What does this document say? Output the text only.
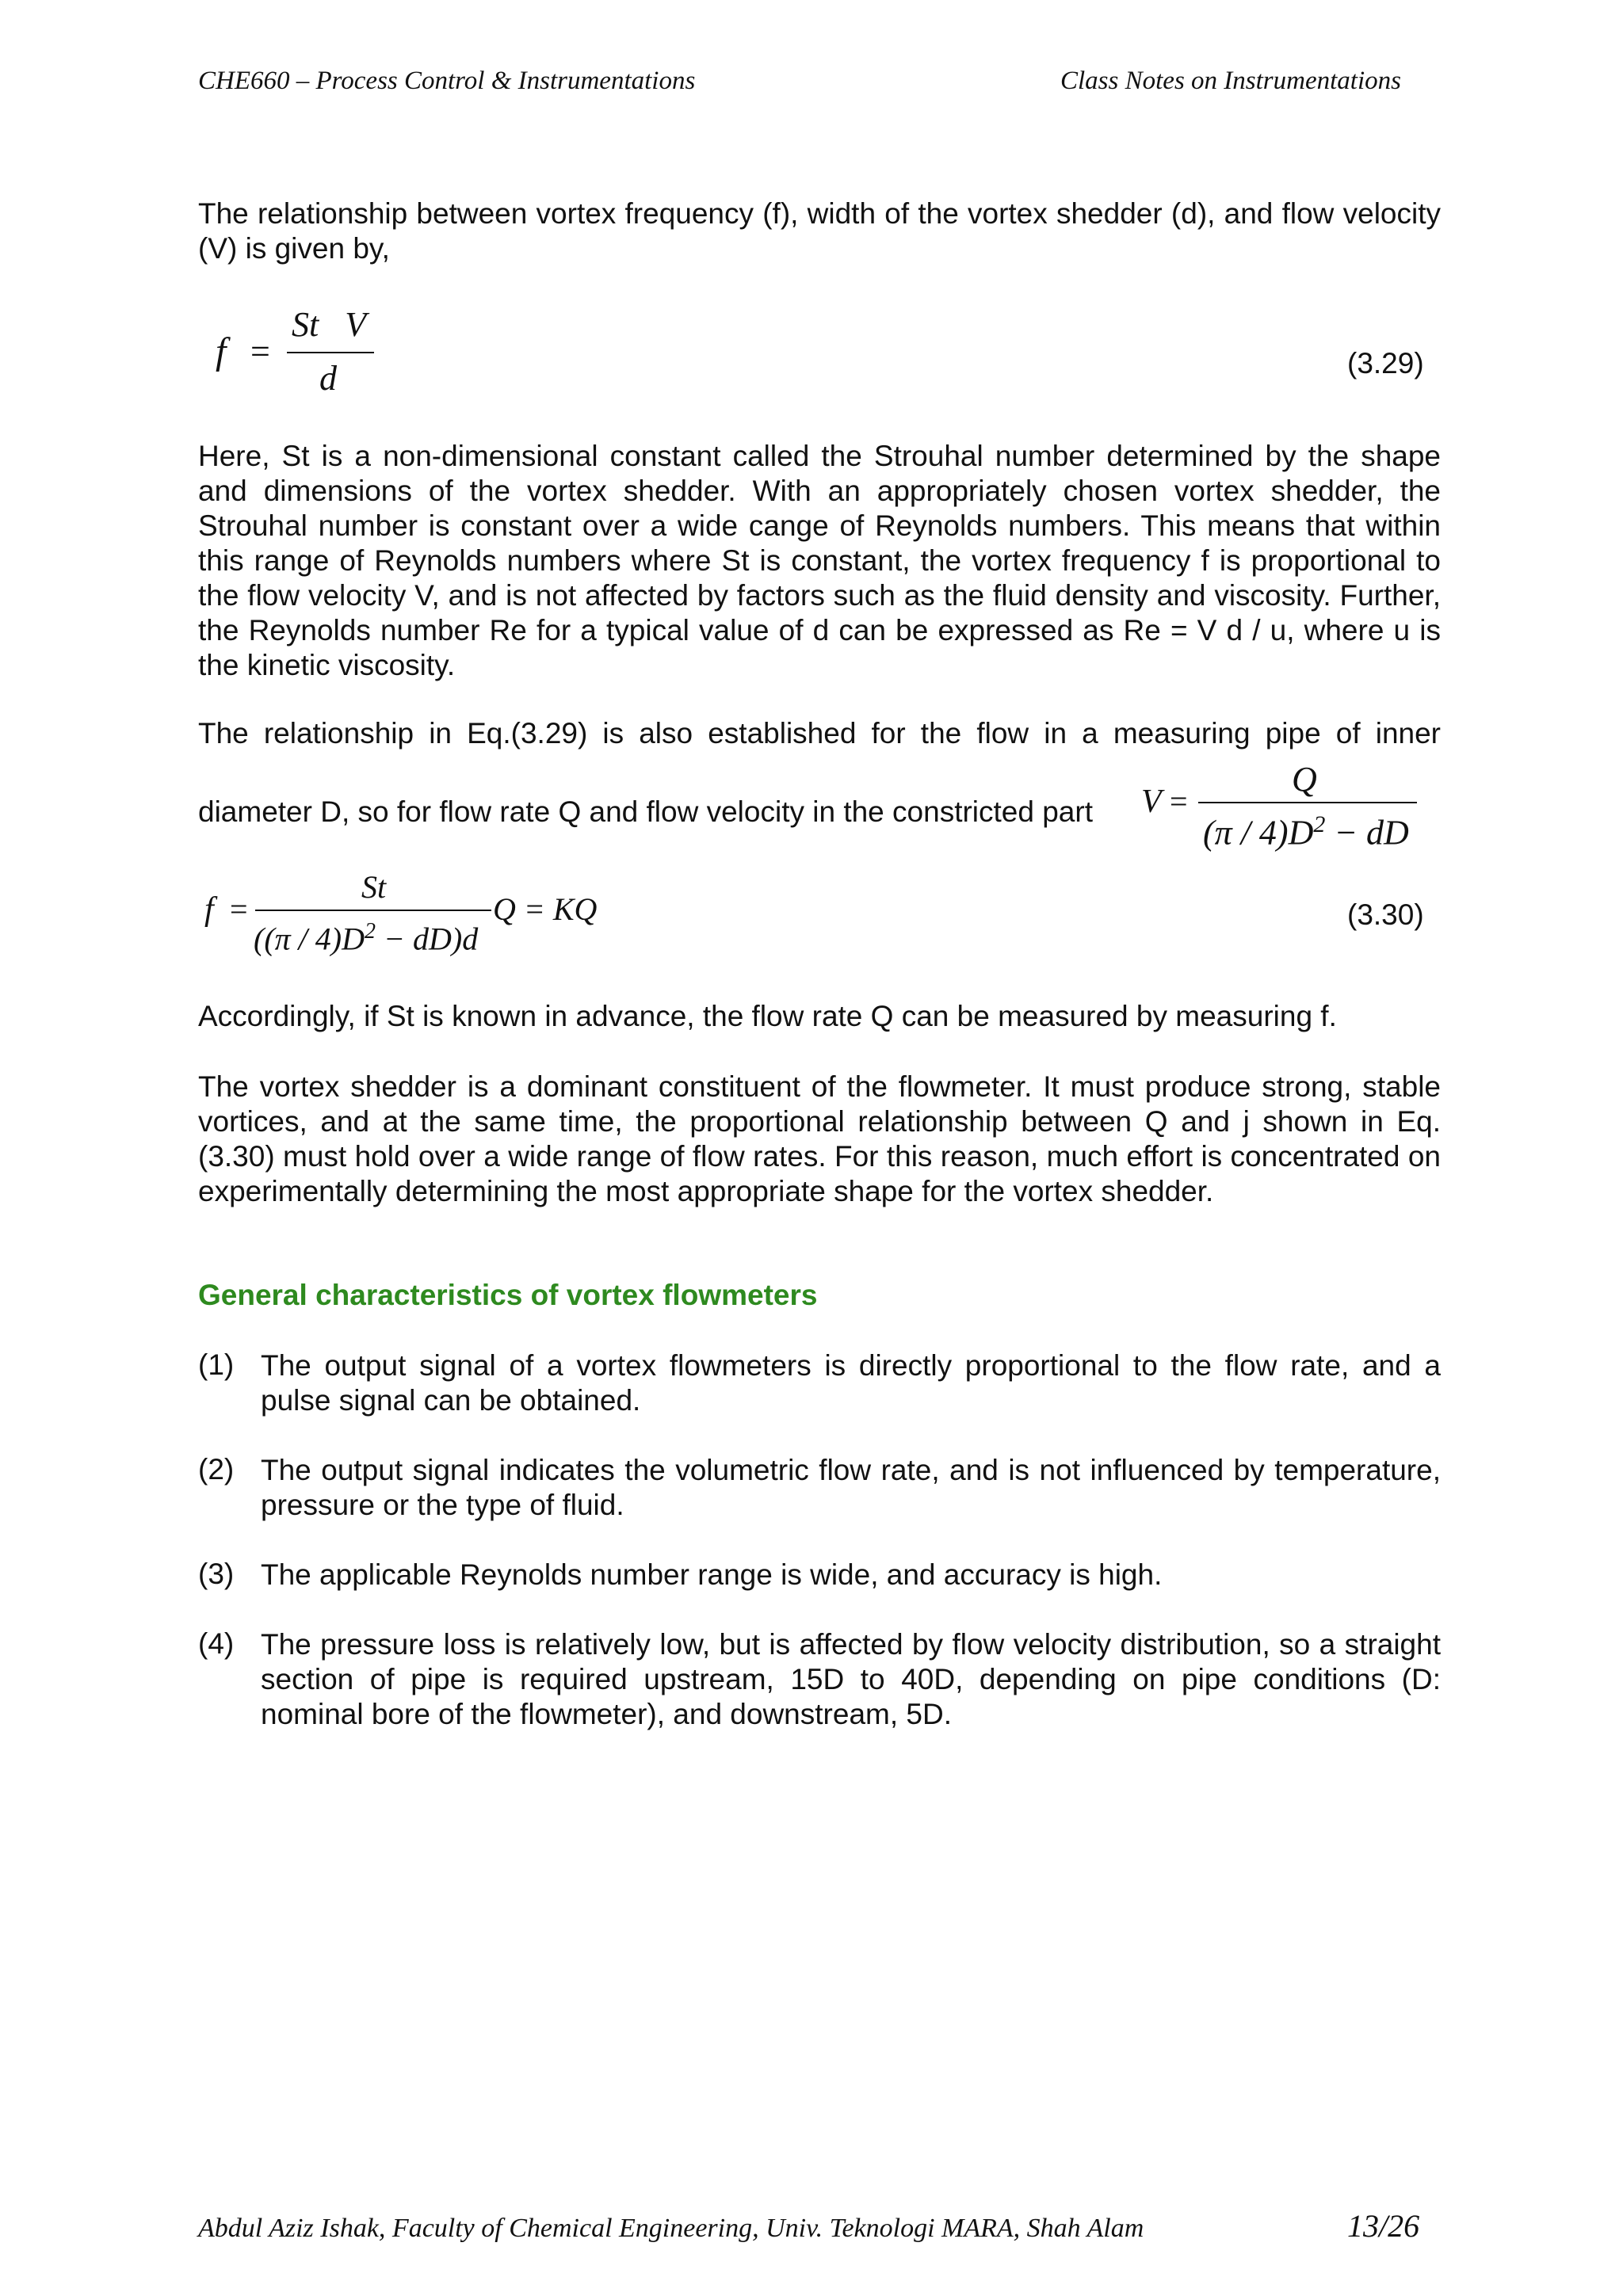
CHE660 – Process Control & Instrumentations	Class Notes on Instrumentations
The relationship between vortex frequency (f), width of the vortex shedder (d), and flow velocity (V) is given by,
f =
St   V
d	(3.29)
Here, St is a non-dimensional constant called the Strouhal number determined by the shape and dimensions of the vortex shedder. With an appropriately chosen vortex shedder, the Strouhal number is constant over a wide cange of Reynolds numbers. This means that within this range of Reynolds numbers where St is constant, the vortex frequency f is proportional to the flow velocity V, and is not affected by factors such as the fluid density and viscosity. Further, the Reynolds number Re for a typical value of d can be expressed as Re = V d / u, where u is the kinetic viscosity.
The relationship in Eq.(3.29) is also established for the flow in a measuring pipe of inner
diameter D, so for flow rate Q and flow velocity in the constricted part V =
Q
$(\pi / 4)D^2$ − dD
f =
St
$((\pi / 4)D^2 - dD)d$
Q = KQ	(3.30)
Accordingly, if St is known in advance, the flow rate Q can be measured by measuring f.
The vortex shedder is a dominant constituent of the flowmeter. It must produce strong, stable vortices, and at the same time, the proportional relationship between Q and j shown in Eq. (3.30) must hold over a wide range of flow rates. For this reason, much effort is concentrated on experimentally determining the most appropriate shape for the vortex shedder.
General characteristics of vortex flowmeters
(1) The output signal of a vortex flowmeters is directly proportional to the flow rate, and a pulse signal can be obtained.
(2) The output signal indicates the volumetric flow rate, and is not influenced by temperature, pressure or the type of fluid.
(3) The applicable Reynolds number range is wide, and accuracy is high.
(4) The pressure loss is relatively low, but is affected by flow velocity distribution, so a straight section of pipe is required upstream, 15D to 40D, depending on pipe conditions (D: nominal bore of the flowmeter), and downstream, 5D.
Abdul Aziz Ishak, Faculty of Chemical Engineering, Univ. Teknologi MARA, Shah Alam	13/26
